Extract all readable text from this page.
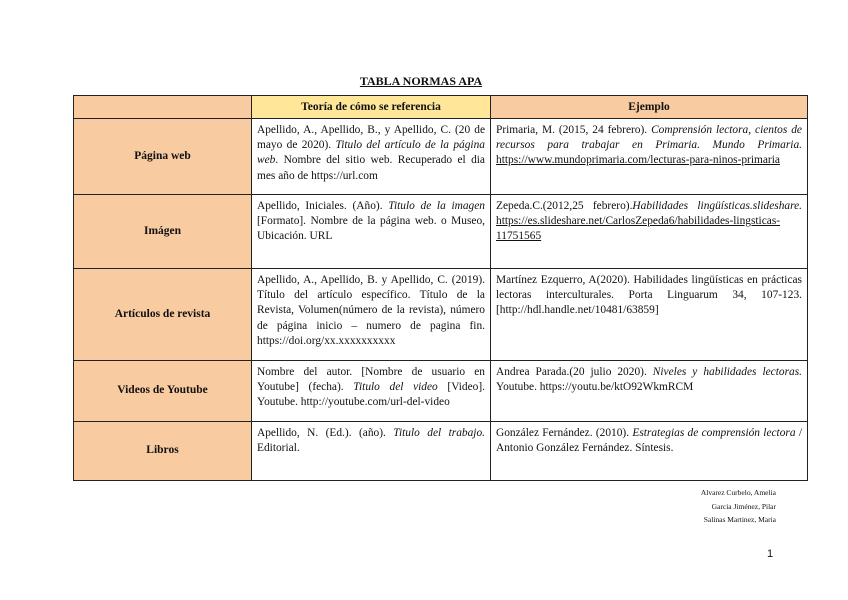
TABLA NORMAS APA
	Teoría de cómo se referencia	Ejemplo
Página web	Apellido, A., Apellido, B., y Apellido, C. (20 de mayo de 2020). Titulo del artículo de la página web. Nombre del sitio web. Recuperado el dia mes año de https://url.com	Primaria, M. (2015, 24 febrero). Comprensión lectora, cientos de recursos para trabajar en Primaria. Mundo Primaria. https://www.mundoprimaria.com/lecturas-para-ninos-primaria
Imágen	Apellido, Iniciales. (Año). Titulo de la imagen [Formato]. Nombre de la página web. o Museo, Ubicación. URL	Zepeda.C.(2012,25 febrero).Habilidades lingüísticas.slideshare. https://es.slideshare.net/CarlosZepeda6/habilidades-lingsticas-11751565
Artículos de revista	Apellido, A., Apellido, B. y Apellido, C. (2019). Título del artículo específico. Título de la Revista, Volumen(número de la revista), número de página inicio – numero de pagina fin. https://doi.org/xx.xxxxxxxxxx	Martínez Ezquerro, A(2020). Habilidades lingüísticas en prácticas lectoras interculturales. Porta Linguarum 34, 107-123. [http://hdl.handle.net/10481/63859]
Videos de Youtube	Nombre del autor. [Nombre de usuario en Youtube] (fecha). Titulo del video [Video]. Youtube. http://youtube.com/url-del-video	Andrea Parada.(20 julio 2020). Niveles y habilidades lectoras. Youtube. https://youtu.be/ktO92WkmRCM
Libros	Apellido, N. (Ed.). (año). Titulo del trabajo. Editorial.	González Fernández. (2010). Estrategias de comprensión lectora / Antonio González Fernández. Síntesis.
Alvarez Curbelo, Amelia
Garcia Jiménez, Pilar
Salinas Martinez, Maria
1
